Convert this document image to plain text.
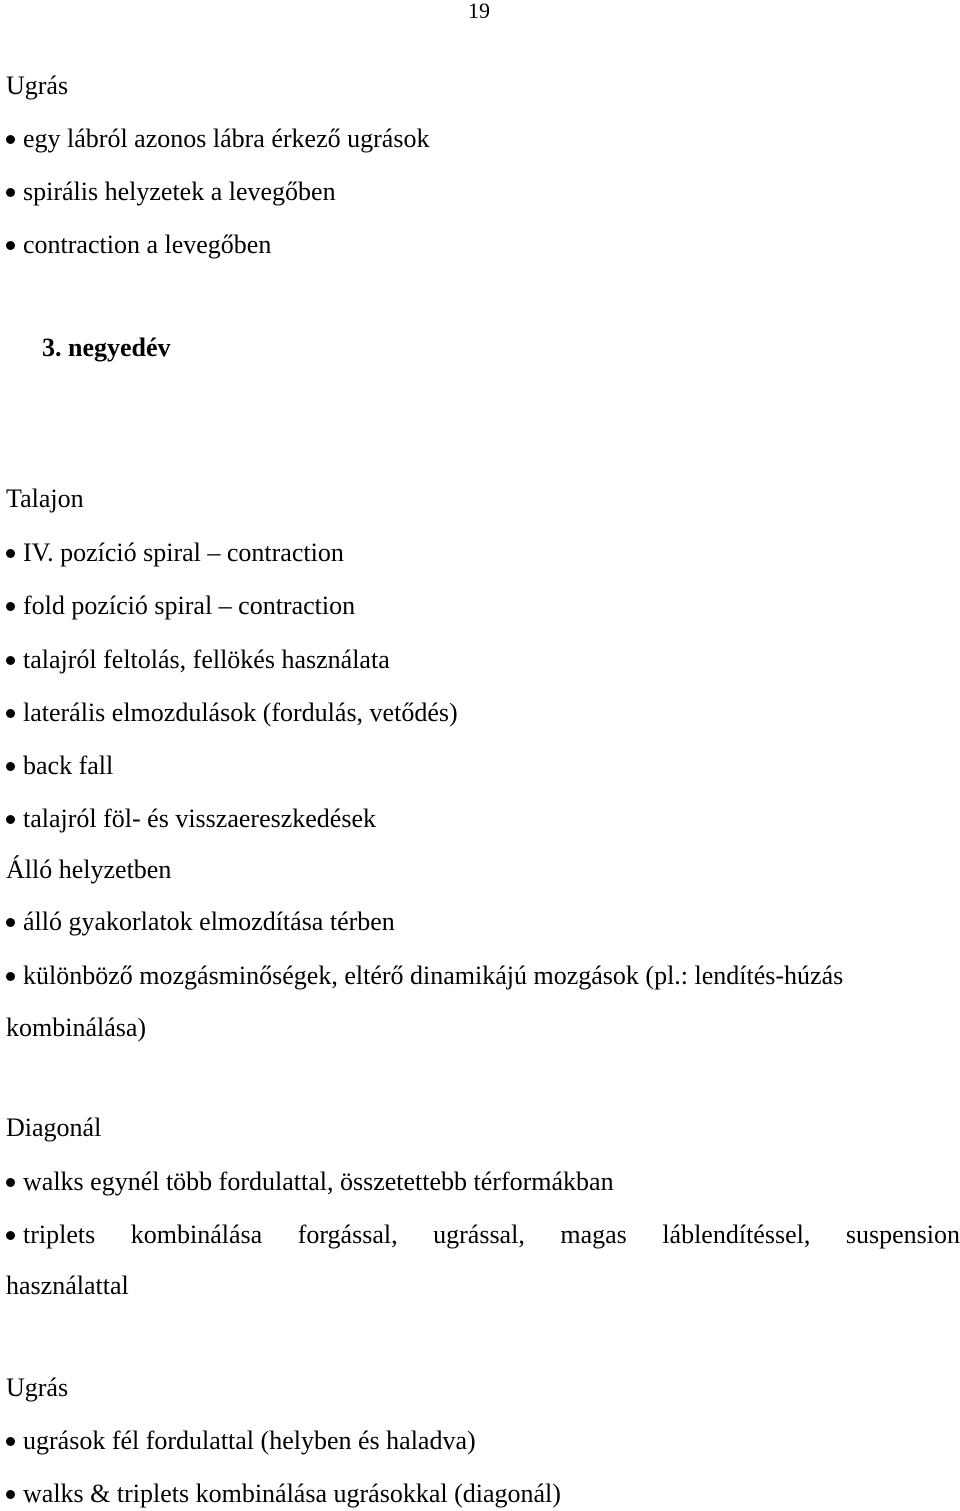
19
Ugrás
egy lábról azonos lábra érkező ugrások
spirális helyzetek a levegőben
contraction a levegőben
3. negyedév
Talajon
IV. pozíció spiral – contraction
fold pozíció spiral – contraction
talajról feltolás, fellökés használata
laterális elmozdulások (fordulás, vetődés)
back fall
talajról föl- és visszaereszkedések
Álló helyzetben
álló gyakorlatok elmozdítása térben
különböző mozgásminőségek, eltérő dinamikájú mozgások (pl.: lendítés-húzás
kombinálása)
Diagonál
walks egynél több fordulattal, összetettebb térformákban
triplets kombinálása forgással, ugrással, magas láblendítéssel, suspension
használattal
Ugrás
ugrások fél fordulattal (helyben és haladva)
walks & triplets kombinálása ugrásokkal (diagonál)
